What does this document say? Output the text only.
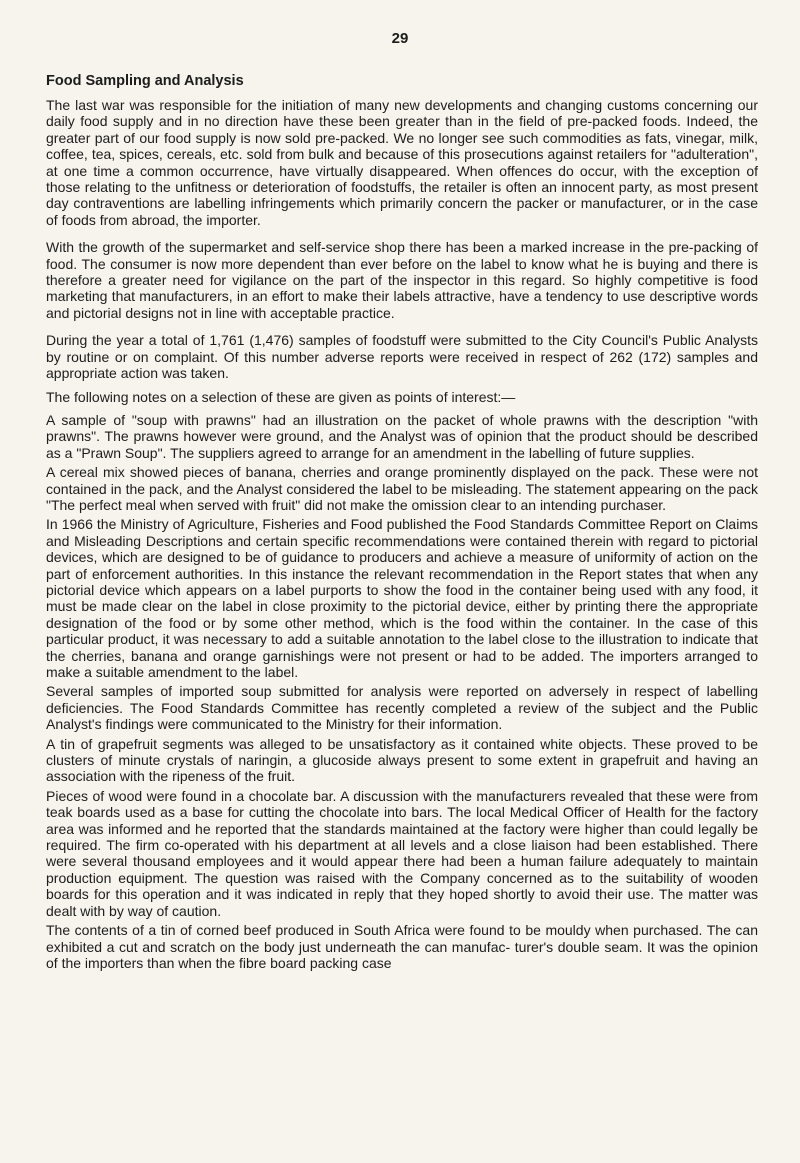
29
Food Sampling and Analysis

The last war was responsible for the initiation of many new developments and changing customs concerning our daily food supply and in no direction have these been greater than in the field of pre-packed foods. Indeed, the greater part of our food supply is now sold pre-packed. We no longer see such commodities as fats, vinegar, milk, coffee, tea, spices, cereals, etc. sold from bulk and because of this prosecutions against retailers for "adulteration", at one time a common occurrence, have virtually disappeared. When offences do occur, with the exception of those relating to the unfitness or deterioration of foodstuffs, the retailer is often an innocent party, as most present day contraventions are labelling infringements which primarily concern the packer or manufacturer, or in the case of foods from abroad, the importer.

With the growth of the supermarket and self-service shop there has been a marked increase in the pre-packing of food. The consumer is now more dependent than ever before on the label to know what he is buying and there is therefore a greater need for vigilance on the part of the inspector in this regard. So highly competitive is food marketing that manufacturers, in an effort to make their labels attractive, have a tendency to use descriptive words and pictorial designs not in line with acceptable practice.

During the year a total of 1,761 (1,476) samples of foodstuff were submitted to the City Council's Public Analysts by routine or on complaint. Of this number adverse reports were received in respect of 262 (172) samples and appropriate action was taken.

The following notes on a selection of these are given as points of interest:—

A sample of "soup with prawns" had an illustration on the packet of whole prawns with the description "with prawns". The prawns however were ground, and the Analyst was of opinion that the product should be described as a "Prawn Soup". The suppliers agreed to arrange for an amendment in the labelling of future supplies.

A cereal mix showed pieces of banana, cherries and orange prominently displayed on the pack. These were not contained in the pack, and the Analyst considered the label to be misleading. The statement appearing on the pack "The perfect meal when served with fruit" did not make the omission clear to an intending purchaser.

In 1966 the Ministry of Agriculture, Fisheries and Food published the Food Standards Committee Report on Claims and Misleading Descriptions and certain specific recommendations were contained therein with regard to pictorial devices, which are designed to be of guidance to producers and achieve a measure of uniformity of action on the part of enforcement authorities. In this instance the relevant recommendation in the Report states that when any pictorial device which appears on a label purports to show the food in the container being used with any food, it must be made clear on the label in close proximity to the pictorial device, either by printing there the appropriate designation of the food or by some other method, which is the food within the container. In the case of this particular product, it was necessary to add a suitable annotation to the label close to the illustration to indicate that the cherries, banana and orange garnishings were not present or had to be added. The importers arranged to make a suitable amendment to the label.

Several samples of imported soup submitted for analysis were reported on adversely in respect of labelling deficiencies. The Food Standards Committee has recently completed a review of the subject and the Public Analyst's findings were communicated to the Ministry for their information.

A tin of grapefruit segments was alleged to be unsatisfactory as it contained white objects. These proved to be clusters of minute crystals of naringin, a glucoside always present to some extent in grapefruit and having an association with the ripeness of the fruit.

Pieces of wood were found in a chocolate bar. A discussion with the manufacturers revealed that these were from teak boards used as a base for cutting the chocolate into bars. The local Medical Officer of Health for the factory area was informed and he reported that the standards maintained at the factory were higher than could legally be required. The firm co-operated with his department at all levels and a close liaison had been established. There were several thousand employees and it would appear there had been a human failure adequately to maintain production equipment. The question was raised with the Company concerned as to the suitability of wooden boards for this operation and it was indicated in reply that they hoped shortly to avoid their use. The matter was dealt with by way of caution.

The contents of a tin of corned beef produced in South Africa were found to be mouldy when purchased. The can exhibited a cut and scratch on the body just underneath the can manufac- turer's double seam. It was the opinion of the importers than when the fibre board packing case
